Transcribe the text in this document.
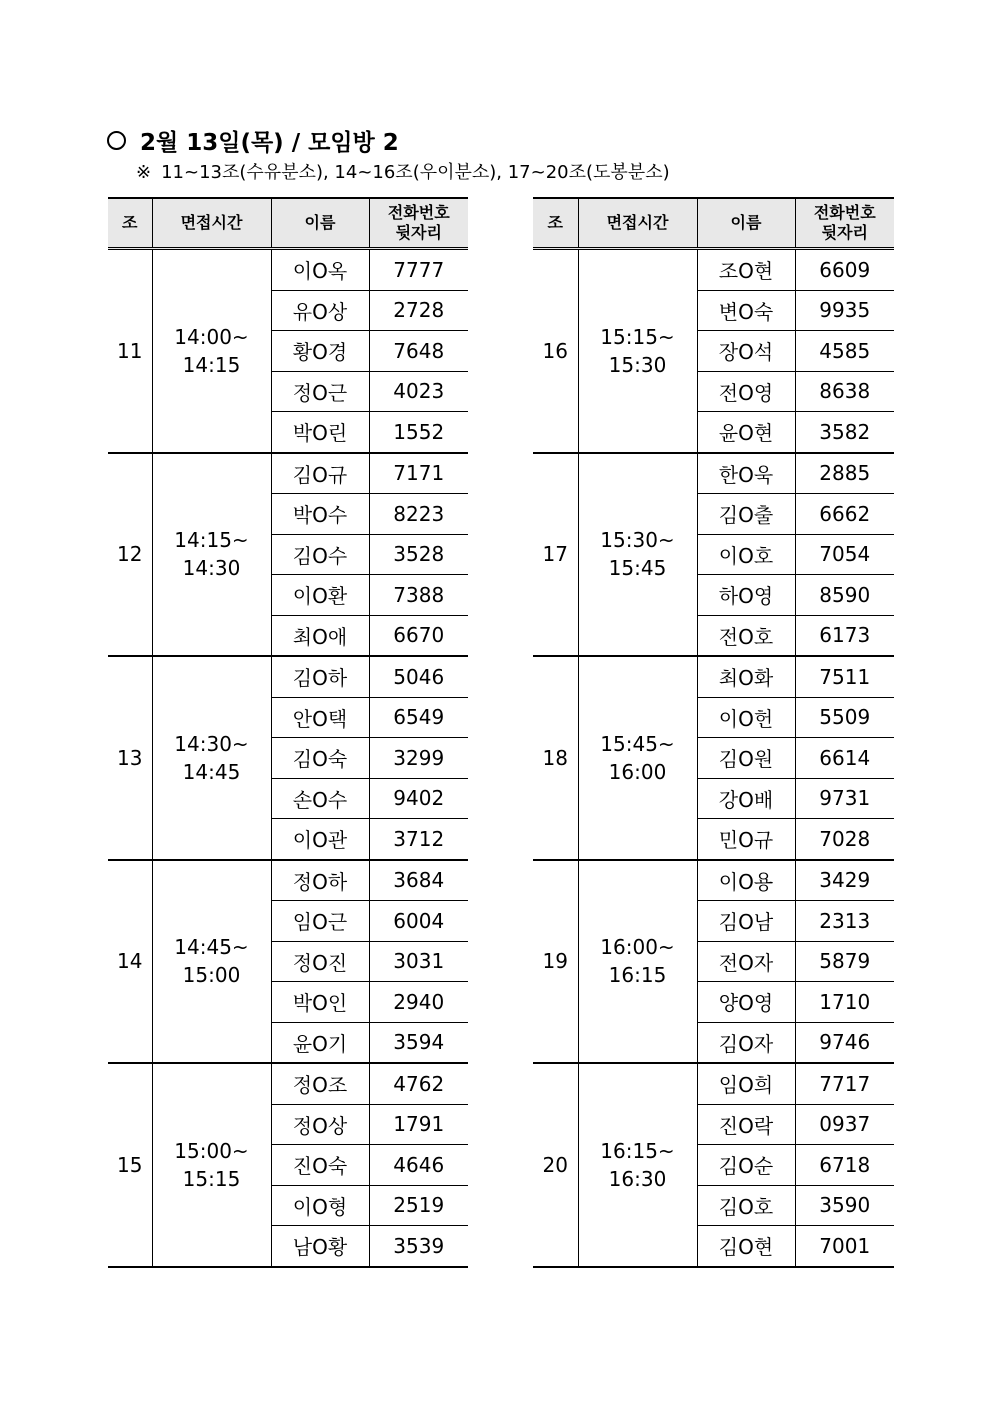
2월 13일(목) / 모임방 2
※ 11~13조(수유분소), 14~16조(우이분소), 17~20조(도봉분소)
조	면접시간	이름	전화번호
뒷자리
11	14:00~
14:15	이O옥	7777
		유O상	2728
		황O경	7648
		정O근	4023
		박O린	1552
12	14:15~
14:30	김O규	7171
		박O수	8223
		김O수	3528
		이O환	7388
		최O애	6670
13	14:30~
14:45	김O하	5046
		안O택	6549
		김O숙	3299
		손O수	9402
		이O관	3712
14	14:45~
15:00	정O하	3684
		임O근	6004
		정O진	3031
		박O인	2940
		윤O기	3594
15	15:00~
15:15	정O조	4762
		정O상	1791
		진O숙	4646
		이O형	2519
		남O황	3539
조	면접시간	이름	전화번호
뒷자리
16	15:15~
15:30	조O현	6609
		변O숙	9935
		장O석	4585
		전O영	8638
		윤O현	3582
17	15:30~
15:45	한O욱	2885
		김O출	6662
		이O호	7054
		하O영	8590
		전O호	6173
18	15:45~
16:00	최O화	7511
		이O헌	5509
		김O원	6614
		강O배	9731
		민O규	7028
19	16:00~
16:15	이O용	3429
		김O남	2313
		전O자	5879
		양O영	1710
		김O자	9746
20	16:15~
16:30	임O희	7717
		진O락	0937
		김O순	6718
		김O호	3590
		김O현	7001
